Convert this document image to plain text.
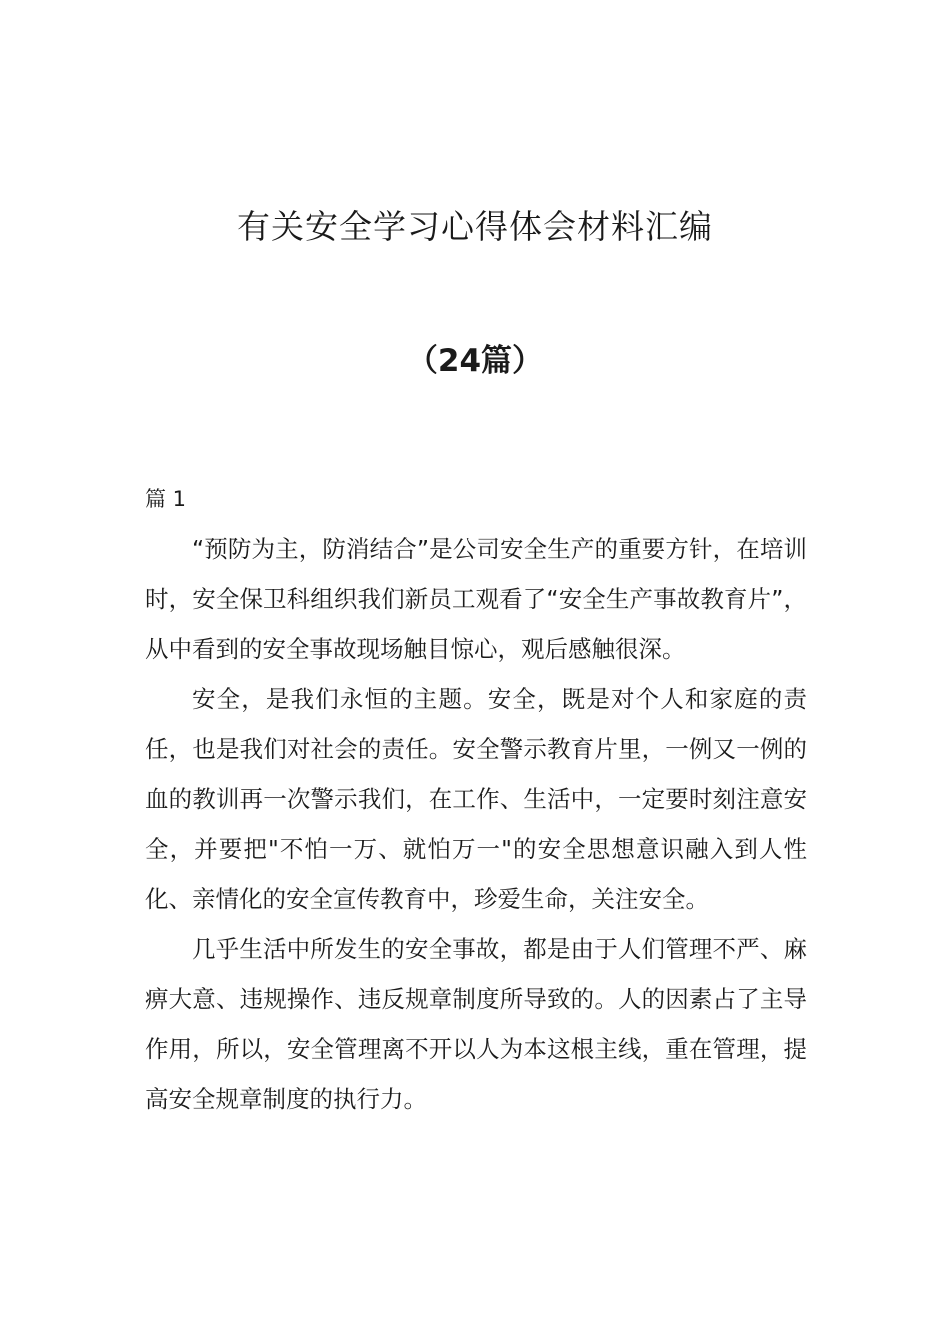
有关安全学习心得体会材料汇编
（24篇）

篇 1

“预防为主，防消结合”是公司安全生产的重要方针，在培训时，安全保卫科组织我们新员工观看了“安全生产事故教育片”，从中看到的安全事故现场触目惊心，观后感触很深。

安全，是我们永恒的主题。安全，既是对个人和家庭的责任，也是我们对社会的责任。安全警示教育片里，一例又一例的血的教训再一次警示我们，在工作、生活中，一定要时刻注意安全，并要把"不怕一万、就怕万一"的安全思想意识融入到人性化、亲情化的安全宣传教育中，珍爱生命，关注安全。

几乎生活中所发生的安全事故，都是由于人们管理不严、麻痹大意、违规操作、违反规章制度所导致的。人的因素占了主导作用，所以，安全管理离不开以人为本这根主线，重在管理，提高安全规章制度的执行力。
